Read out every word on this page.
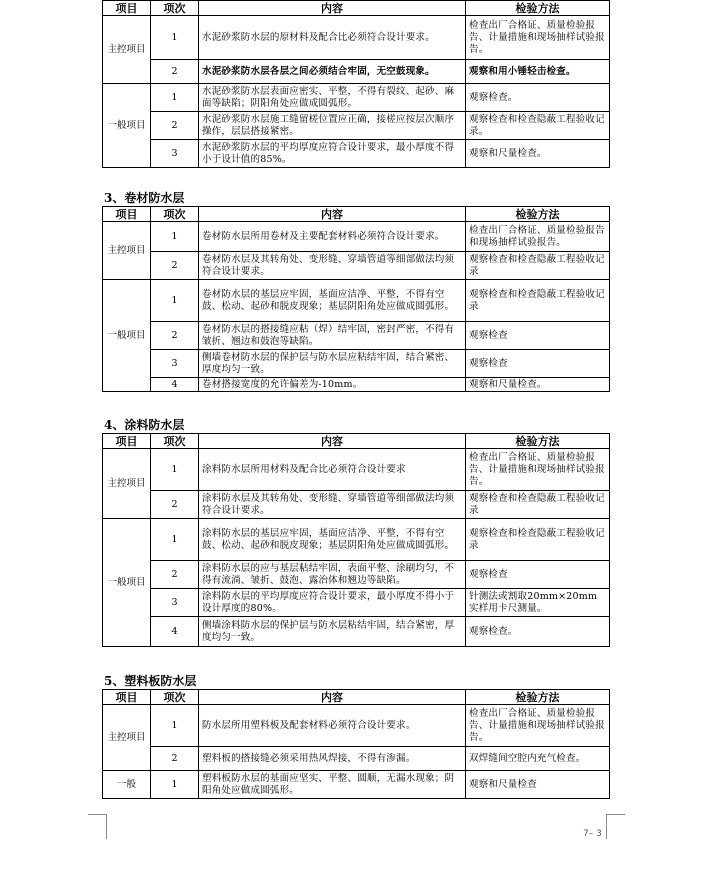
项目	项次	内容	检验方法
主控项目	1	水泥砂浆防水层的原材料及配合比必须符合设计要求。	检查出厂合格证、质量检验报告、计量措施和现场抽样试验报告。
	2	水泥砂浆防水层各层之间必须结合牢固，无空鼓现象。	观察和用小锤轻击检查。
一般项目	1	水泥砂浆防水层表面应密实、平整，不得有裂纹、起砂、麻面等缺陷；阴阳角处应做成圆弧形。	观察检查。
	2	水泥砂浆防水层施工缝留槎位置应正确，接槎应按层次顺序操作，层层搭接紧密。	观察检查和检查隐蔽工程验收记录。
	3	水泥砂浆防水层的平均厚度应符合设计要求，最小厚度不得小于设计值的85%。	观察和尺量检查。
3、卷材防水层
项目	项次	内容	检验方法
主控项目	1	卷材防水层所用卷材及主要配套材料必须符合设计要求。	检查出厂合格证、质量检验报告和现场抽样试验报告。
	2	卷材防水层及其转角处、变形缝、穿墙管道等细部做法均须符合设计要求。	观察检查和检查隐蔽工程验收记录
一般项目	1	卷材防水层的基层应牢固，基面应洁净、平整，不得有空鼓、松动、起砂和脱皮现象；基层阴阳角处应做成圆弧形。	观察检查和检查隐蔽工程验收记录
	2	卷材防水层的搭接缝应粘（焊）结牢固，密封严密，不得有皱折、翘边和鼓泡等缺陷。	观察检查
	3	侧墙卷材防水层的保护层与防水层应粘结牢固，结合紧密、厚度均匀一致。	观察检查
	4	卷材搭接宽度的允许偏差为-10mm。	观察和尺量检查。
4、涂料防水层
项目	项次	内容	检验方法
主控项目	1	涂料防水层所用材料及配合比必须符合设计要求	检查出厂合格证、质量检验报告、计量措施和现场抽样试验报告。
	2	涂料防水层及其转角处、变形缝、穿墙管道等细部做法均须符合设计要求。	观察检查和检查隐蔽工程验收记录
一般项目	1	涂料防水层的基层应牢固，基面应洁净、平整，不得有空鼓、松动、起砂和脱皮现象；基层阴阳角处应做成圆弧形。	观察检查和检查隐蔽工程验收记录
	2	涂料防水层的应与基层粘结牢固，表面平整、涂刷均匀，不得有流淌、皱折、鼓泡、露治体和翘边等缺陷。	观察检查
	3	涂料防水层的平均厚度应符合设计要求，最小厚度不得小于设计厚度的80%。	针测法或割取20mm×20mm实样用卡尺测量。
	4	侧墙涂料防水层的保护层与防水层粘结牢固，结合紧密，厚度均匀一致。	观察检查。
5、塑料板防水层
项目	项次	内容	检验方法
主控项目	1	防水层所用塑料板及配套材料必须符合设计要求。	检查出厂合格证、质量检验报告、计量措施和现场抽样试验报告。
	2	塑料板的搭接缝必须采用热风焊接，不得有渗漏。	双焊缝间空腔内充气检查。
一般	1	塑料板防水层的基面应坚实、平整、圆顺，无漏水现象；阴阳角处应做成圆弧形。	观察和尺量检查
7– 3
